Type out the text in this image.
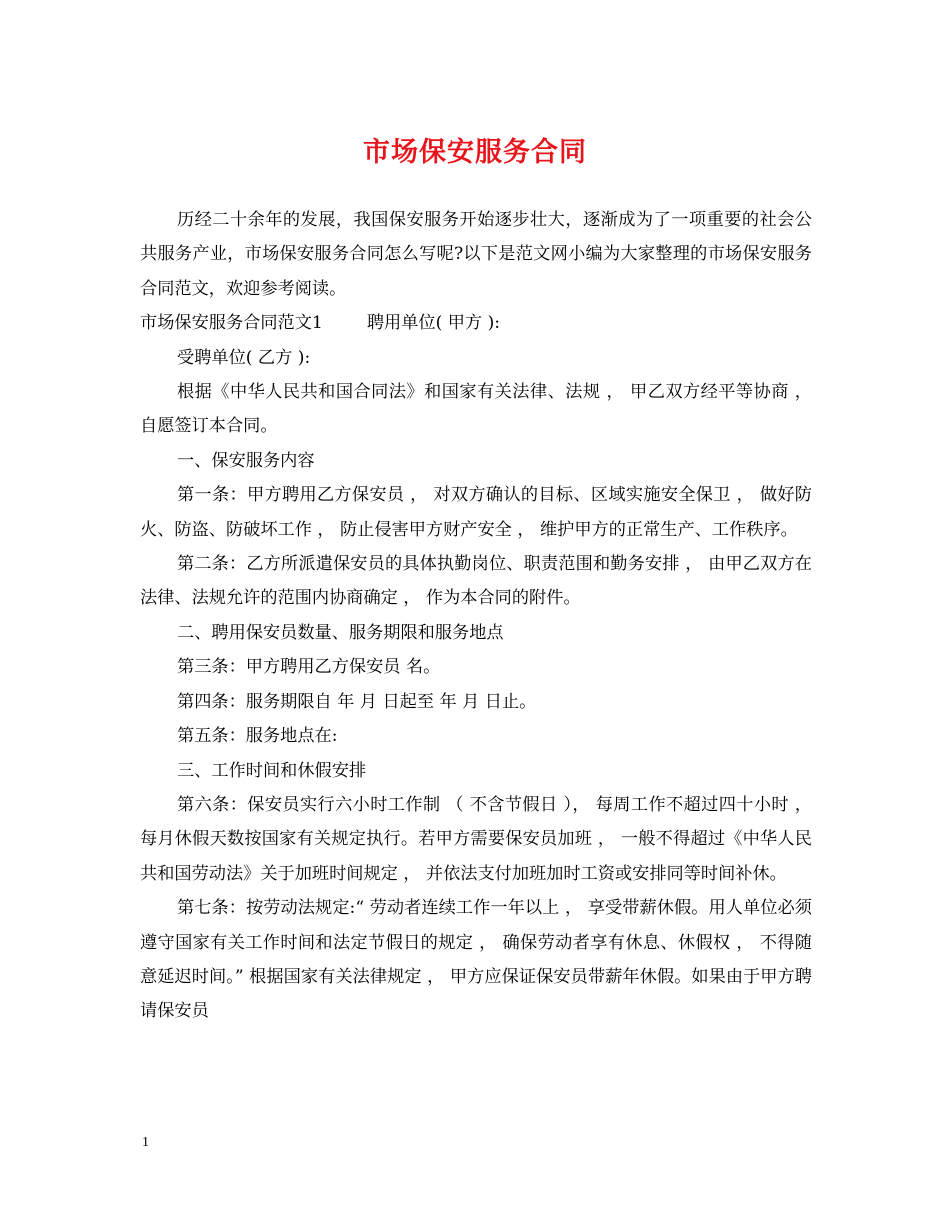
市场保安服务合同

历经二十余年的发展，我国保安服务开始逐步壮大，逐渐成为了一项重要的社会公共服务产业，市场保安服务合同怎么写呢?以下是范文网小编为大家整理的市场保安服务合同范文，欢迎参考阅读。

市场保安服务合同范文1	聘用单位( 甲方 ):

受聘单位( 乙方 ):

根据《中华人民共和国合同法》和国家有关法律、法规 ， 甲乙双方经平等协商 ， 自愿签订本合同。

一、保安服务内容

第一条：甲方聘用乙方保安员 ， 对双方确认的目标、区域实施安全保卫 ， 做好防火、防盗、防破坏工作 ， 防止侵害甲方财产安全 ， 维护甲方的正常生产、工作秩序。

第二条：乙方所派遣保安员的具体执勤岗位、职责范围和勤务安排 ， 由甲乙双方在法律、法规允许的范围内协商确定 ， 作为本合同的附件。

二、聘用保安员数量、服务期限和服务地点

第三条：甲方聘用乙方保安员 名。

第四条：服务期限自 年 月 日起至 年 月 日止。

第五条：服务地点在:

三、工作时间和休假安排

第六条：保安员实行六小时工作制 （ 不含节假日 ）， 每周工作不超过四十小时 ， 每月休假天数按国家有关规定执行。若甲方需要保安员加班 ， 一般不得超过《中华人民共和国劳动法》关于加班时间规定 ， 并依法支付加班加时工资或安排同等时间补休。

第七条：按劳动法规定:“ 劳动者连续工作一年以上 ， 享受带薪休假。用人单位必须遵守国家有关工作时间和法定节假日的规定 ， 确保劳动者享有休息、休假权 ， 不得随意延迟时间。” 根据国家有关法律规定 ， 甲方应保证保安员带薪年休假。如果由于甲方聘请保安员

1
